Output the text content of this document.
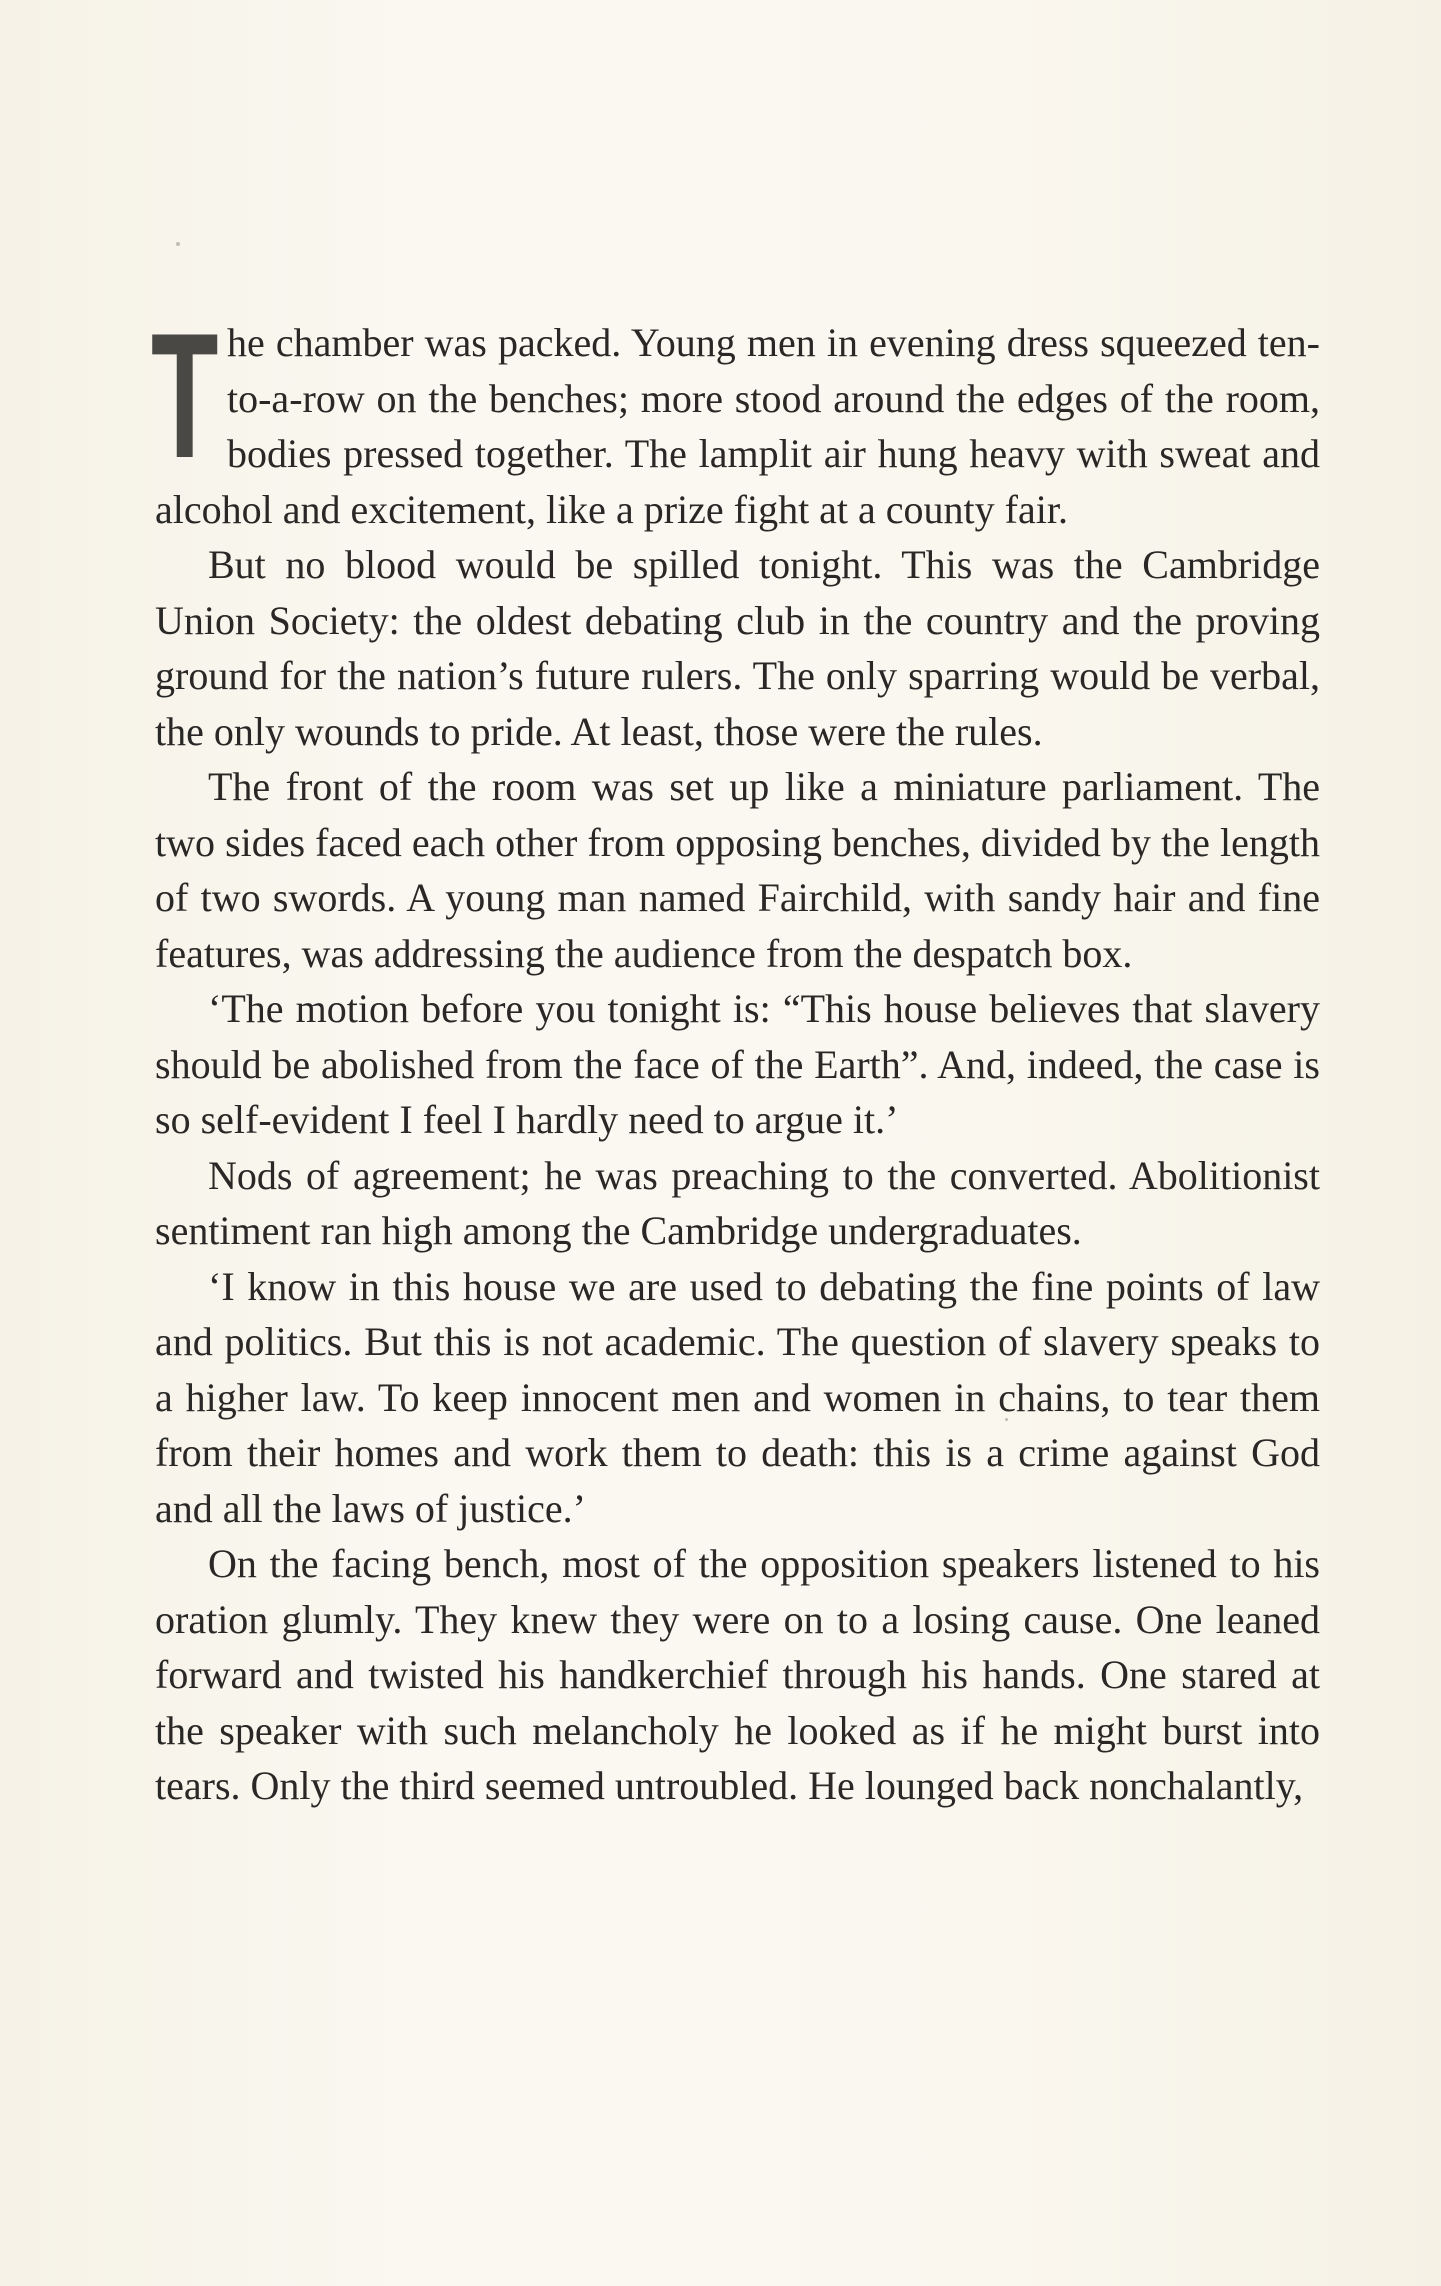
The chamber was packed. Young men in evening dress squeezed ten-to-a-row on the benches; more stood around the edges of the room, bodies pressed together. The lamplit air hung heavy with sweat and alcohol and excitement, like a prize fight at a county fair.

But no blood would be spilled tonight. This was the Cambridge Union Society: the oldest debating club in the country and the proving ground for the nation’s future rulers. The only sparring would be verbal, the only wounds to pride. At least, those were the rules.

The front of the room was set up like a miniature parliament. The two sides faced each other from opposing benches, divided by the length of two swords. A young man named Fairchild, with sandy hair and fine features, was addressing the audience from the despatch box.

‘The motion before you tonight is: “This house believes that slavery should be abolished from the face of the Earth”. And, indeed, the case is so self-evident I feel I hardly need to argue it.’

Nods of agreement; he was preaching to the converted. Abolitionist sentiment ran high among the Cambridge undergraduates.

‘I know in this house we are used to debating the fine points of law and politics. But this is not academic. The question of slavery speaks to a higher law. To keep innocent men and women in chains, to tear them from their homes and work them to death: this is a crime against God and all the laws of justice.’

On the facing bench, most of the opposition speakers listened to his oration glumly. They knew they were on to a losing cause. One leaned forward and twisted his handkerchief through his hands. One stared at the speaker with such melancholy he looked as if he might burst into tears. Only the third seemed untroubled. He lounged back nonchalantly,
